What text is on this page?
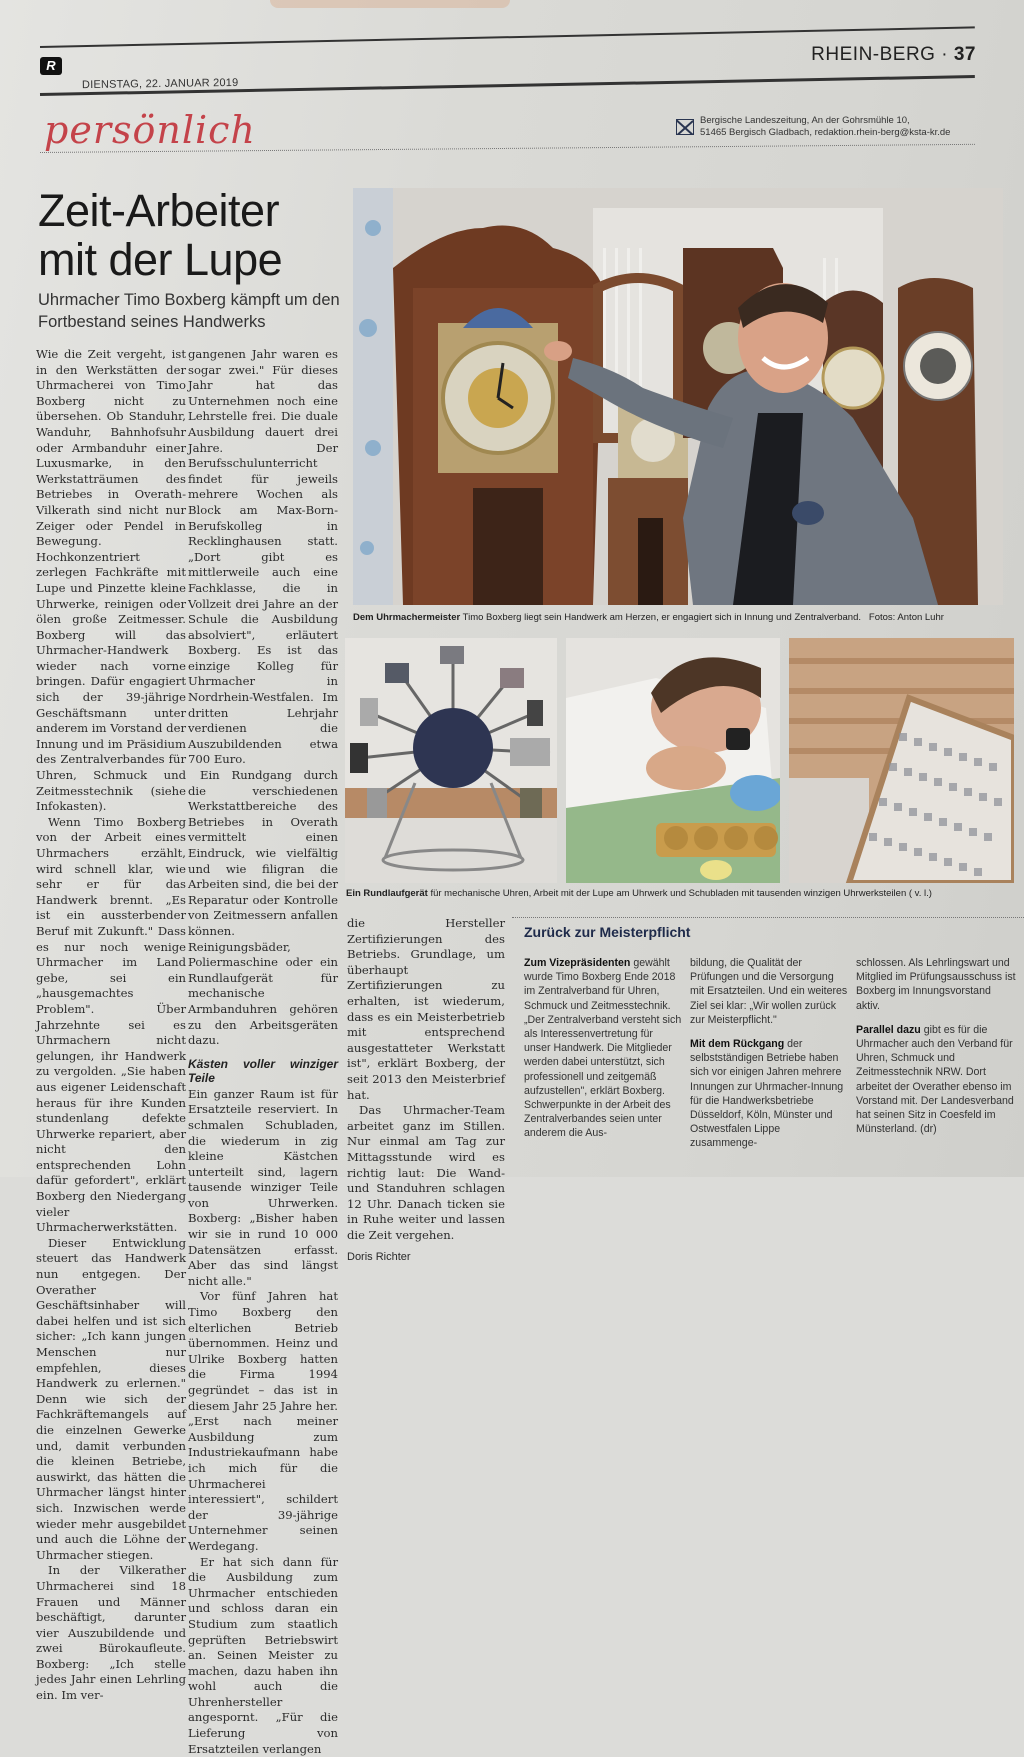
R
DIENSTAG, 22. JANUAR 2019
RHEIN-BERG · 37
persönlich	Bergische Landeszeitung, An der Gohrsmühle 10,
51465 Bergisch Gladbach, redaktion.rhein-berg@ksta-kr.de
Zeit-Arbeiter
mit der Lupe
Uhrmacher Timo Boxberg kämpft um den Fortbestand seines Handwerks

Wie die Zeit vergeht, ist in den Werkstätten der Uhrmacherei von Timo Boxberg nicht zu übersehen. Ob Standuhr, Wanduhr, Bahnhofsuhr oder Armbanduhr einer Luxusmarke, in den Werkstatträumen des Betriebes in Overath-Vilkerath sind nicht nur Zeiger oder Pendel in Bewegung. Hochkonzentriert zerlegen Fachkräfte mit Lupe und Pinzette kleine Uhrwerke, reinigen oder ölen große Zeitmesser. Boxberg will das Uhrmacher-Handwerk wieder nach vorne bringen. Dafür engagiert sich der 39-jährige Geschäftsmann unter anderem im Vorstand der Innung und im Präsidium des Zentralverbandes für Uhren, Schmuck und Zeitmesstechnik (siehe Infokasten).

Wenn Timo Boxberg von der Arbeit eines Uhrmachers erzählt, wird schnell klar, wie sehr er für das Handwerk brennt. „Es ist ein aussterbender Beruf mit Zukunft." Dass es nur noch wenige Uhrmacher im Land gebe, sei ein „hausgemachtes Problem". Über Jahrzehnte sei es Uhrmachern nicht gelungen, ihr Handwerk zu vergolden. „Sie haben aus eigener Leidenschaft heraus für ihre Kunden stundenlang defekte Uhrwerke repariert, aber nicht den entsprechenden Lohn dafür gefordert", erklärt Boxberg den Niedergang vieler Uhrmacherwerkstätten.

Dieser Entwicklung steuert das Handwerk nun entgegen. Der Overather Geschäftsinhaber will dabei helfen und ist sich sicher: „Ich kann jungen Menschen nur empfehlen, dieses Handwerk zu erlernen." Denn wie sich der Fachkräftemangels auf die einzelnen Gewerke und, damit verbunden die kleinen Betriebe, auswirkt, das hätten die Uhrmacher längst hinter sich. Inzwischen werde wieder mehr ausgebildet und auch die Löhne der Uhrmacher stiegen.

In der Vilkerather Uhrmacherei sind 18 Frauen und Männer beschäftigt, darunter vier Auszubildende und zwei Bürokaufleute. Boxberg: „Ich stelle jedes Jahr einen Lehrling ein. Im ver-

gangenen Jahr waren es sogar zwei." Für dieses Jahr hat das Unternehmen noch eine Lehrstelle frei. Die duale Ausbildung dauert drei Jahre. Der Berufsschulunterricht findet für jeweils mehrere Wochen als Block am Max-Born-Berufskolleg in Recklinghausen statt. „Dort gibt es mittlerweile auch eine Fachklasse, die in Vollzeit drei Jahre an der Schule die Ausbildung absolviert", erläutert Boxberg. Es ist das einzige Kolleg für Uhrmacher in Nordrhein-Westfalen. Im dritten Lehrjahr verdienen die Auszubildenden etwa 700 Euro.

Ein Rundgang durch die verschiedenen Werkstattbereiche des Betriebes in Overath vermittelt einen Eindruck, wie vielfältig und wie filigran die Arbeiten sind, die bei der Reparatur oder Kontrolle von Zeitmessern anfallen können. Reinigungsbäder, Poliermaschine oder ein Rundlaufgerät für mechanische Armbanduhren gehören zu den Arbeitsgeräten dazu.

Kästen voller winziger Teile

Ein ganzer Raum ist für Ersatzteile reserviert. In schmalen Schubladen, die wiederum in zig kleine Kästchen unterteilt sind, lagern tausende winziger Teile von Uhrwerken. Boxberg: „Bisher haben wir sie in rund 10 000 Datensätzen erfasst. Aber das sind längst nicht alle."

Vor fünf Jahren hat Timo Boxberg den elterlichen Betrieb übernommen. Heinz und Ulrike Boxberg hatten die Firma 1994 gegründet – das ist in diesem Jahr 25 Jahre her. „Erst nach meiner Ausbildung zum Industriekaufmann habe ich mich für die Uhrmacherei interessiert", schildert der 39-jährige Unternehmer seinen Werdegang.

Er hat sich dann für die Ausbildung zum Uhrmacher entschieden und schloss daran ein Studium zum staatlich geprüften Betriebswirt an. Seinen Meister zu machen, dazu haben ihn wohl auch die Uhrenhersteller angespornt. „Für die Lieferung von Ersatzteilen verlangen

Dem Uhrmachermeister Timo Boxberg liegt sein Handwerk am Herzen, er engagiert sich in Innung und Zentralverband. Fotos: Anton Luhr
Ein Rundlaufgerät für mechanische Uhren, Arbeit mit der Lupe am Uhrwerk und Schubladen mit tausenden winzigen Uhrwerksteilen ( v. l.)

die Hersteller Zertifizierungen des Betriebs. Grundlage, um überhaupt Zertifizierungen zu erhalten, ist wiederum, dass es ein Meisterbetrieb mit entsprechend ausgestatteter Werkstatt ist", erklärt Boxberg, der seit 2013 den Meisterbrief hat.

Das Uhrmacher-Team arbeitet ganz im Stillen. Nur einmal am Tag zur Mittagsstunde wird es richtig laut: Die Wand- und Standuhren schlagen 12 Uhr. Danach ticken sie in Ruhe weiter und lassen die Zeit vergehen.

Doris Richter

Zurück zur Meisterpflicht

Zum Vizepräsidenten gewählt wurde Timo Boxberg Ende 2018 im Zentralverband für Uhren, Schmuck und Zeitmesstechnik. „Der Zentralverband versteht sich als Interessenvertretung für unser Handwerk. Die Mitglieder werden dabei unterstützt, sich professionell und zeitgemäß aufzustellen", erklärt Boxberg. Schwerpunkte in der Arbeit des Zentralverbandes seien unter anderem die Aus-

bildung, die Qualität der Prüfungen und die Versorgung mit Ersatzteilen. Und ein weiteres Ziel sei klar: „Wir wollen zurück zur Meisterpflicht."

Mit dem Rückgang der selbstständigen Betriebe haben sich vor einigen Jahren mehrere Innungen zur Uhrmacher-Innung für die Handwerksbetriebe Düsseldorf, Köln, Münster und Ostwestfalen Lippe zusammenge-

schlossen. Als Lehrlingswart und Mitglied im Prüfungsausschuss ist Boxberg im Innungsvorstand aktiv.

Parallel dazu gibt es für die Uhrmacher auch den Verband für Uhren, Schmuck und Zeitmesstechnik NRW. Dort arbeitet der Overather ebenso im Vorstand mit. Der Landesverband hat seinen Sitz in Coesfeld im Münsterland. (dr)
